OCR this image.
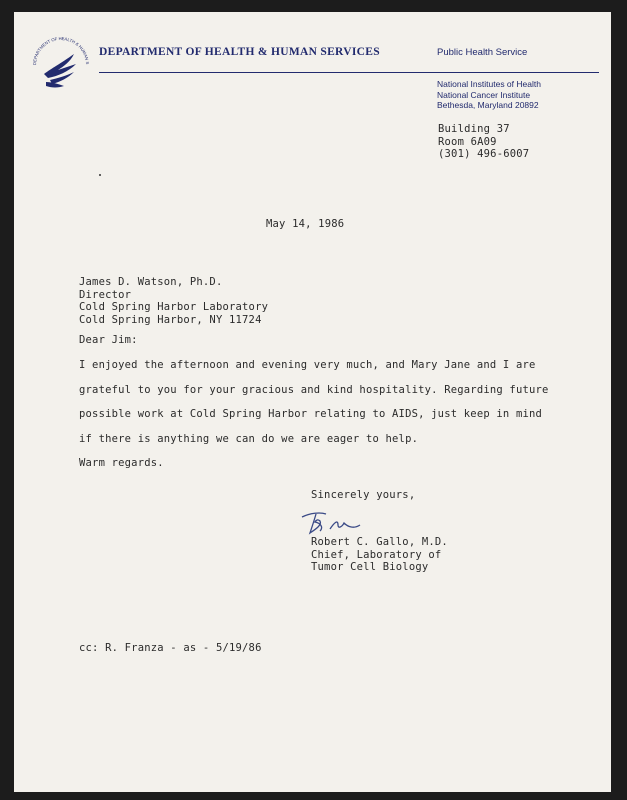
DEPARTMENT OF HEALTH & HUMAN S
DEPARTMENT OF HEALTH & HUMAN SERVICES	Public Health Service
National Institutes of Health
National Cancer Institute
Bethesda, Maryland 20892
Building 37
Room 6A09
(301) 496-6007
May 14, 1986
James D. Watson, Ph.D.
Director
Cold Spring Harbor Laboratory
Cold Spring Harbor, NY 11724
Dear Jim:
I enjoyed the afternoon and evening very much, and Mary Jane and I are
grateful to you for your gracious and kind hospitality. Regarding future
possible work at Cold Spring Harbor relating to AIDS, just keep in mind
if there is anything we can do we are eager to help.
Warm regards.
Sincerely yours,
Robert C. Gallo, M.D.
Chief, Laboratory of
Tumor Cell Biology
cc: R. Franza - as - 5/19/86
